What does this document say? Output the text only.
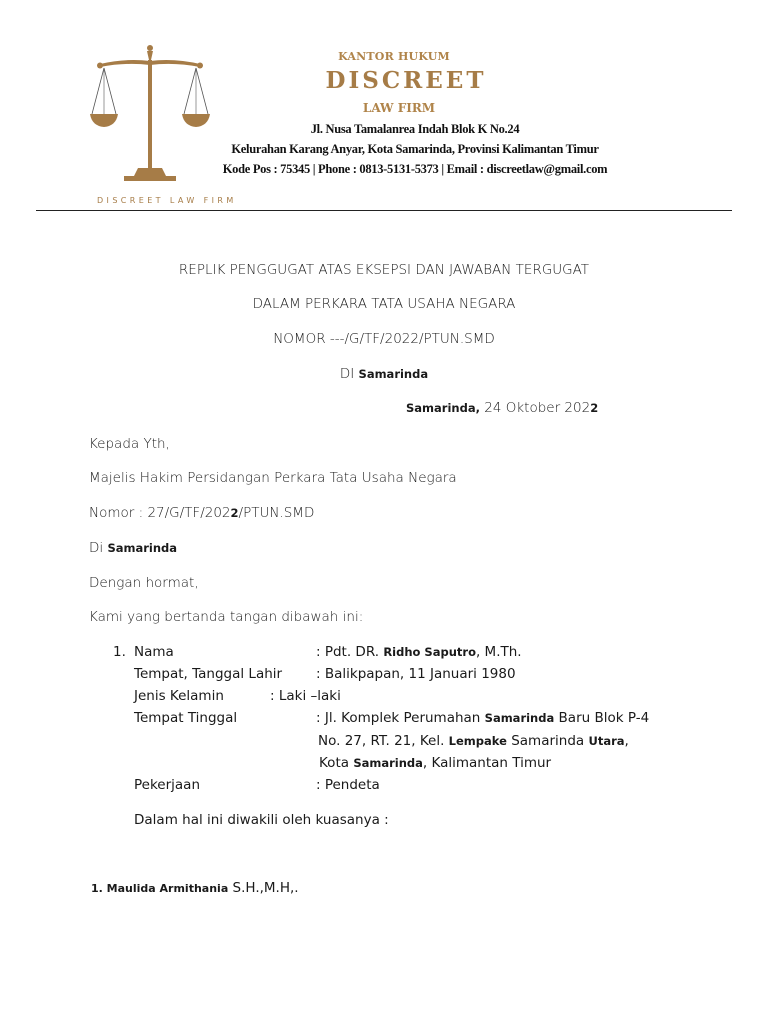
KANTOR HUKUM
DISCREET
LAW FIRM
Jl. Nusa Tamalanrea Indah Blok K No.24
Kelurahan Karang Anyar, Kota Samarinda, Provinsi Kalimantan Timur
Kode Pos : 75345 | Phone : 0813-5131-5373 | Email : discreetlaw@gmail.com
DISCREET LAW FIRM
REPLIK PENGGUGAT ATAS EKSEPSI DAN JAWABAN TERGUGAT
DALAM PERKARA TATA USAHA NEGARA
NOMOR ---/G/TF/2022/PTUN.SMD
DI Samarinda
Samarinda, 24 Oktober 2022
Kepada Yth,
Majelis Hakim Persidangan Perkara Tata Usaha Negara
Nomor : 27/G/TF/2022/PTUN.SMD
Di Samarinda
Dengan hormat,
Kami yang bertanda tangan dibawah ini:
1. Nama	: Pdt. DR. Ridho Saputro, M.Th.
Tempat, Tanggal Lahir	: Balikpapan, 11 Januari 1980
Jenis Kelamin	: Laki –laki
Tempat Tinggal	: Jl. Komplek Perumahan Samarinda Baru Blok P-4
No. 27, RT. 21, Kel. Lempake Samarinda Utara,
Kota Samarinda, Kalimantan Timur
Pekerjaan	: Pendeta
Dalam hal ini diwakili oleh kuasanya :
1. Maulida Armithania S.H.,M.H,.
